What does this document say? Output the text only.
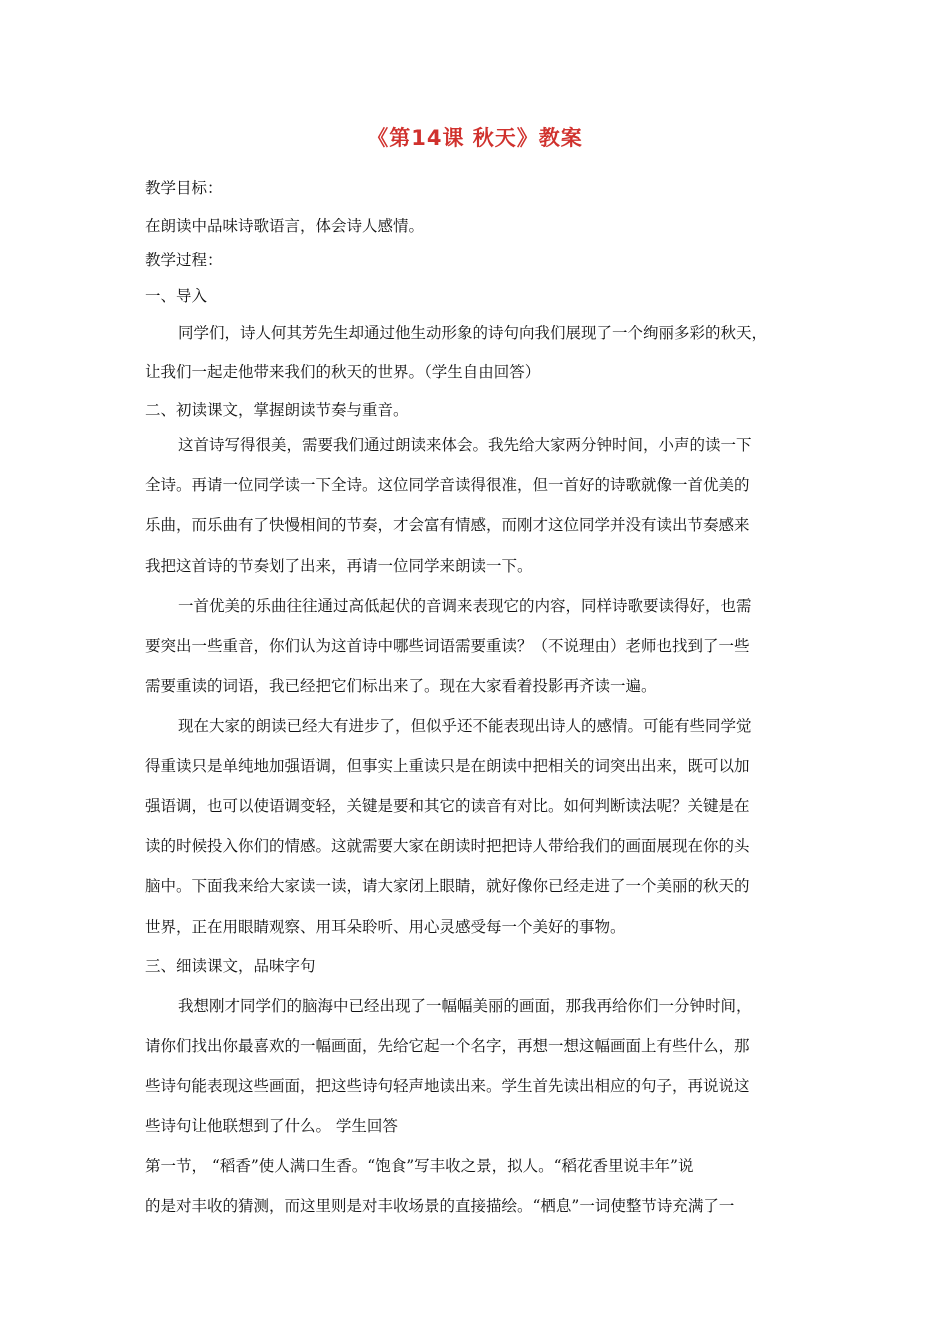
《第14课 秋天》教案
教学目标：
在朗读中品味诗歌语言，体会诗人感情。
教学过程：
一、导入
同学们，诗人何其芳先生却通过他生动形象的诗句向我们展现了一个绚丽多彩的秋天，
让我们一起走他带来我们的秋天的世界。（学生自由回答）
二、初读课文，掌握朗读节奏与重音。
这首诗写得很美，需要我们通过朗读来体会。我先给大家两分钟时间，小声的读一下
全诗。再请一位同学读一下全诗。这位同学音读得很准，但一首好的诗歌就像一首优美的
乐曲，而乐曲有了快慢相间的节奏，才会富有情感，而刚才这位同学并没有读出节奏感来
我把这首诗的节奏划了出来，再请一位同学来朗读一下。
一首优美的乐曲往往通过高低起伏的音调来表现它的内容，同样诗歌要读得好，也需
要突出一些重音，你们认为这首诗中哪些词语需要重读？（不说理由）老师也找到了一些
需要重读的词语，我已经把它们标出来了。现在大家看着投影再齐读一遍。
现在大家的朗读已经大有进步了，但似乎还不能表现出诗人的感情。可能有些同学觉
得重读只是单纯地加强语调，但事实上重读只是在朗读中把相关的词突出出来，既可以加
强语调，也可以使语调变轻，关键是要和其它的读音有对比。如何判断读法呢？关键是在
读的时候投入你们的情感。这就需要大家在朗读时把把诗人带给我们的画面展现在你的头
脑中。下面我来给大家读一读，请大家闭上眼睛，就好像你已经走进了一个美丽的秋天的
世界，正在用眼睛观察、用耳朵聆听、用心灵感受每一个美好的事物。
三、细读课文，品味字句
我想刚才同学们的脑海中已经出现了一幅幅美丽的画面，那我再给你们一分钟时间，
请你们找出你最喜欢的一幅画面，先给它起一个名字，再想一想这幅画面上有些什么，那
些诗句能表现这些画面，把这些诗句轻声地读出来。学生首先读出相应的句子，再说说这
些诗句让他联想到了什么。 学生回答
第一节， “稻香”使人满口生香。“饱食”写丰收之景，拟人。“稻花香里说丰年”说
的是对丰收的猜测，而这里则是对丰收场景的直接描绘。“栖息”一词使整节诗充满了一
